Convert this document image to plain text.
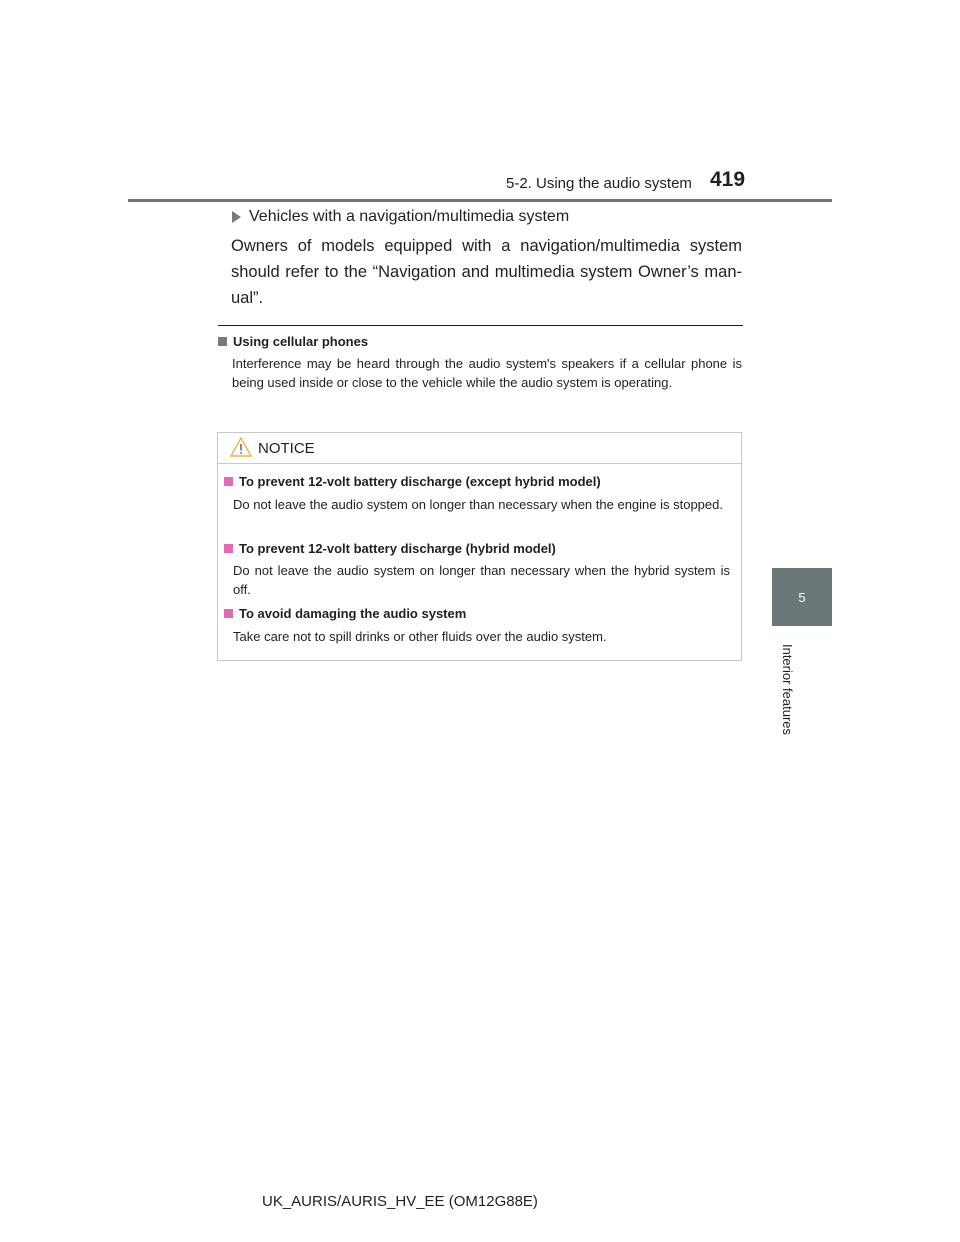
5-2. Using the audio system 419
5
Interior features
Vehicles with a navigation/multimedia system
Owners of models equipped with a navigation/multimedia system should refer to the “Navigation and multimedia system Owner’s man-ual”.
Using cellular phones
Interference may be heard through the audio system's speakers if a cellular phone is being used inside or close to the vehicle while the audio system is operating.
NOTICE
To prevent 12-volt battery discharge (except hybrid model)
Do not leave the audio system on longer than necessary when the engine is stopped.
To prevent 12-volt battery discharge (hybrid model)
Do not leave the audio system on longer than necessary when the hybrid system is off.
To avoid damaging the audio system
Take care not to spill drinks or other fluids over the audio system.
UK_AURIS/AURIS_HV_EE (OM12G88E)
